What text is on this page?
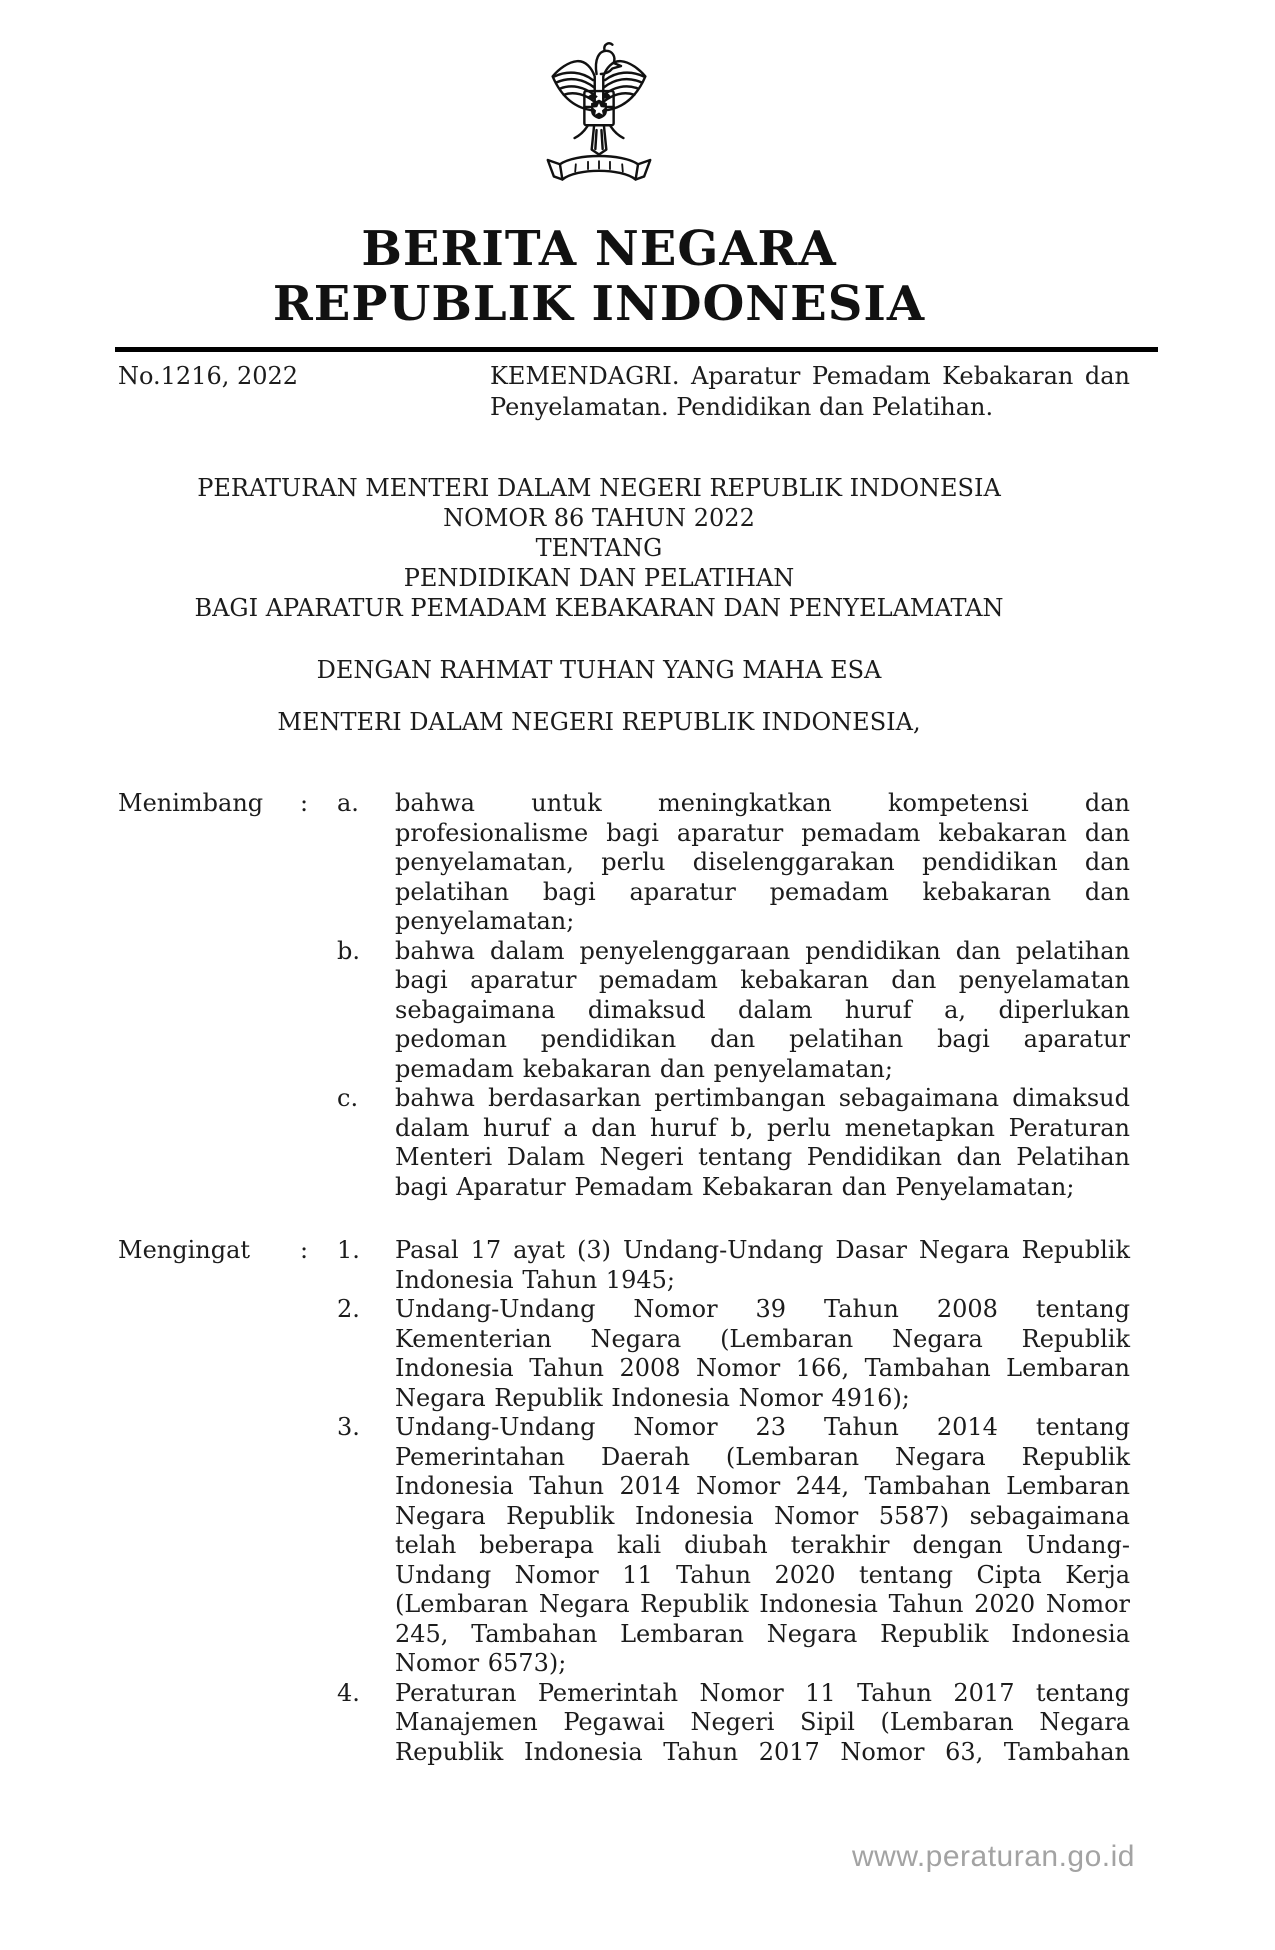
BERITA NEGARA
REPUBLIK INDONESIA
No.1216, 2022	KEMENDAGRI. Aparatur Pemadam Kebakaran dan Penyelamatan. Pendidikan dan Pelatihan.

PERATURAN MENTERI DALAM NEGERI REPUBLIK INDONESIA

NOMOR 86 TAHUN 2022

TENTANG

PENDIDIKAN DAN PELATIHAN

BAGI APARATUR PEMADAM KEBAKARAN DAN PENYELAMATAN

DENGAN RAHMAT TUHAN YANG MAHA ESA
MENTERI DALAM NEGERI REPUBLIK INDONESIA,
Menimbang	:	a.	bahwa untuk meningkatkan kompetensi dan profesionalisme bagi aparatur pemadam kebakaran dan penyelamatan, perlu diselenggarakan pendidikan dan pelatihan bagi aparatur pemadam kebakaran dan penyelamatan;

b.	bahwa dalam penyelenggaraan pendidikan dan pelatihan bagi aparatur pemadam kebakaran dan penyelamatan sebagaimana dimaksud dalam huruf a, diperlukan pedoman pendidikan dan pelatihan bagi aparatur pemadam kebakaran dan penyelamatan;

c.	bahwa berdasarkan pertimbangan sebagaimana dimaksud dalam huruf a dan huruf b, perlu menetapkan Peraturan Menteri Dalam Negeri tentang Pendidikan dan Pelatihan bagi Aparatur Pemadam Kebakaran dan Penyelamatan;

Mengingat	:	1.	Pasal 17 ayat (3) Undang-Undang Dasar Negara Republik Indonesia Tahun 1945;

2.	Undang-Undang Nomor 39 Tahun 2008 tentang Kementerian Negara (Lembaran Negara Republik Indonesia Tahun 2008 Nomor 166, Tambahan Lembaran Negara Republik Indonesia Nomor 4916);

3.	Undang-Undang Nomor 23 Tahun 2014 tentang Pemerintahan Daerah (Lembaran Negara Republik Indonesia Tahun 2014 Nomor 244, Tambahan Lembaran Negara Republik Indonesia Nomor 5587) sebagaimana telah beberapa kali diubah terakhir dengan Undang-Undang Nomor 11 Tahun 2020 tentang Cipta Kerja (Lembaran Negara Republik Indonesia Tahun 2020 Nomor 245, Tambahan Lembaran Negara Republik Indonesia Nomor 6573);

4.	Peraturan Pemerintah Nomor 11 Tahun 2017 tentang Manajemen Pegawai Negeri Sipil (Lembaran Negara Republik Indonesia Tahun 2017 Nomor 63, Tambahan

www.peraturan.go.id
